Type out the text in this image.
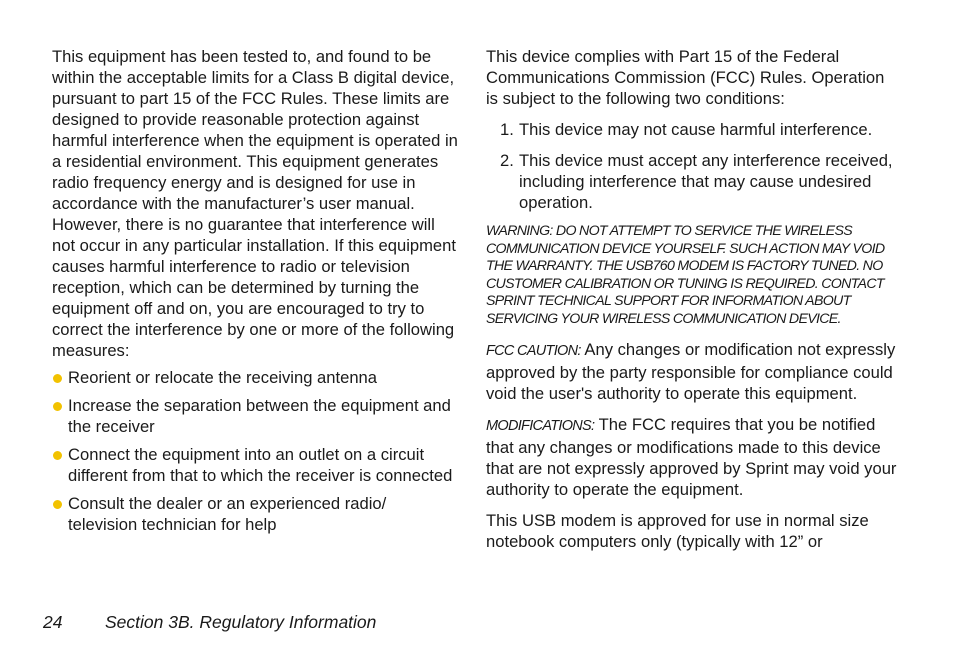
This equipment has been tested to, and found to be within the acceptable limits for a Class B digital device, pursuant to part 15 of the FCC Rules. These limits are designed to provide reasonable protection against harmful interference when the equipment is operated in a residential environment. This equipment generates radio frequency energy and is designed for use in accordance with the manufacturer’s user manual. However, there is no guarantee that interference will not occur in any particular installation. If this equipment causes harmful interference to radio or television reception, which can be determined by turning the equipment off and on, you are encouraged to try to correct the interference by one or more of the following measures:

Reorient or relocate the receiving antenna
Increase the separation between the equipment and the receiver
Connect the equipment into an outlet on a circuit different from that to which the receiver is connected
Consult the dealer or an experienced radio/ television technician for help

This device complies with Part 15 of the Federal Communications Commission (FCC) Rules. Operation is subject to the following two conditions:

1. This device may not cause harmful interference.
2. This device must accept any interference received, including interference that may cause undesired operation.

WARNING: DO NOT ATTEMPT TO SERVICE THE WIRELESS COMMUNICATION DEVICE YOURSELF. SUCH ACTION MAY VOID THE WARRANTY. THE USB760 MODEM IS FACTORY TUNED. NO CUSTOMER CALIBRATION OR TUNING IS REQUIRED. CONTACT SPRINT TECHNICAL SUPPORT FOR INFORMATION ABOUT SERVICING YOUR WIRELESS COMMUNICATION DEVICE.

FCC CAUTION: Any changes or modification not expressly approved by the party responsible for compliance could void the user's authority to operate this equipment.

MODIFICATIONS: The FCC requires that you be notified that any changes or modifications made to this device that are not expressly approved by Sprint may void your authority to operate the equipment.

This USB modem is approved for use in normal size notebook computers only (typically with 12” or

24 Section 3B. Regulatory Information
